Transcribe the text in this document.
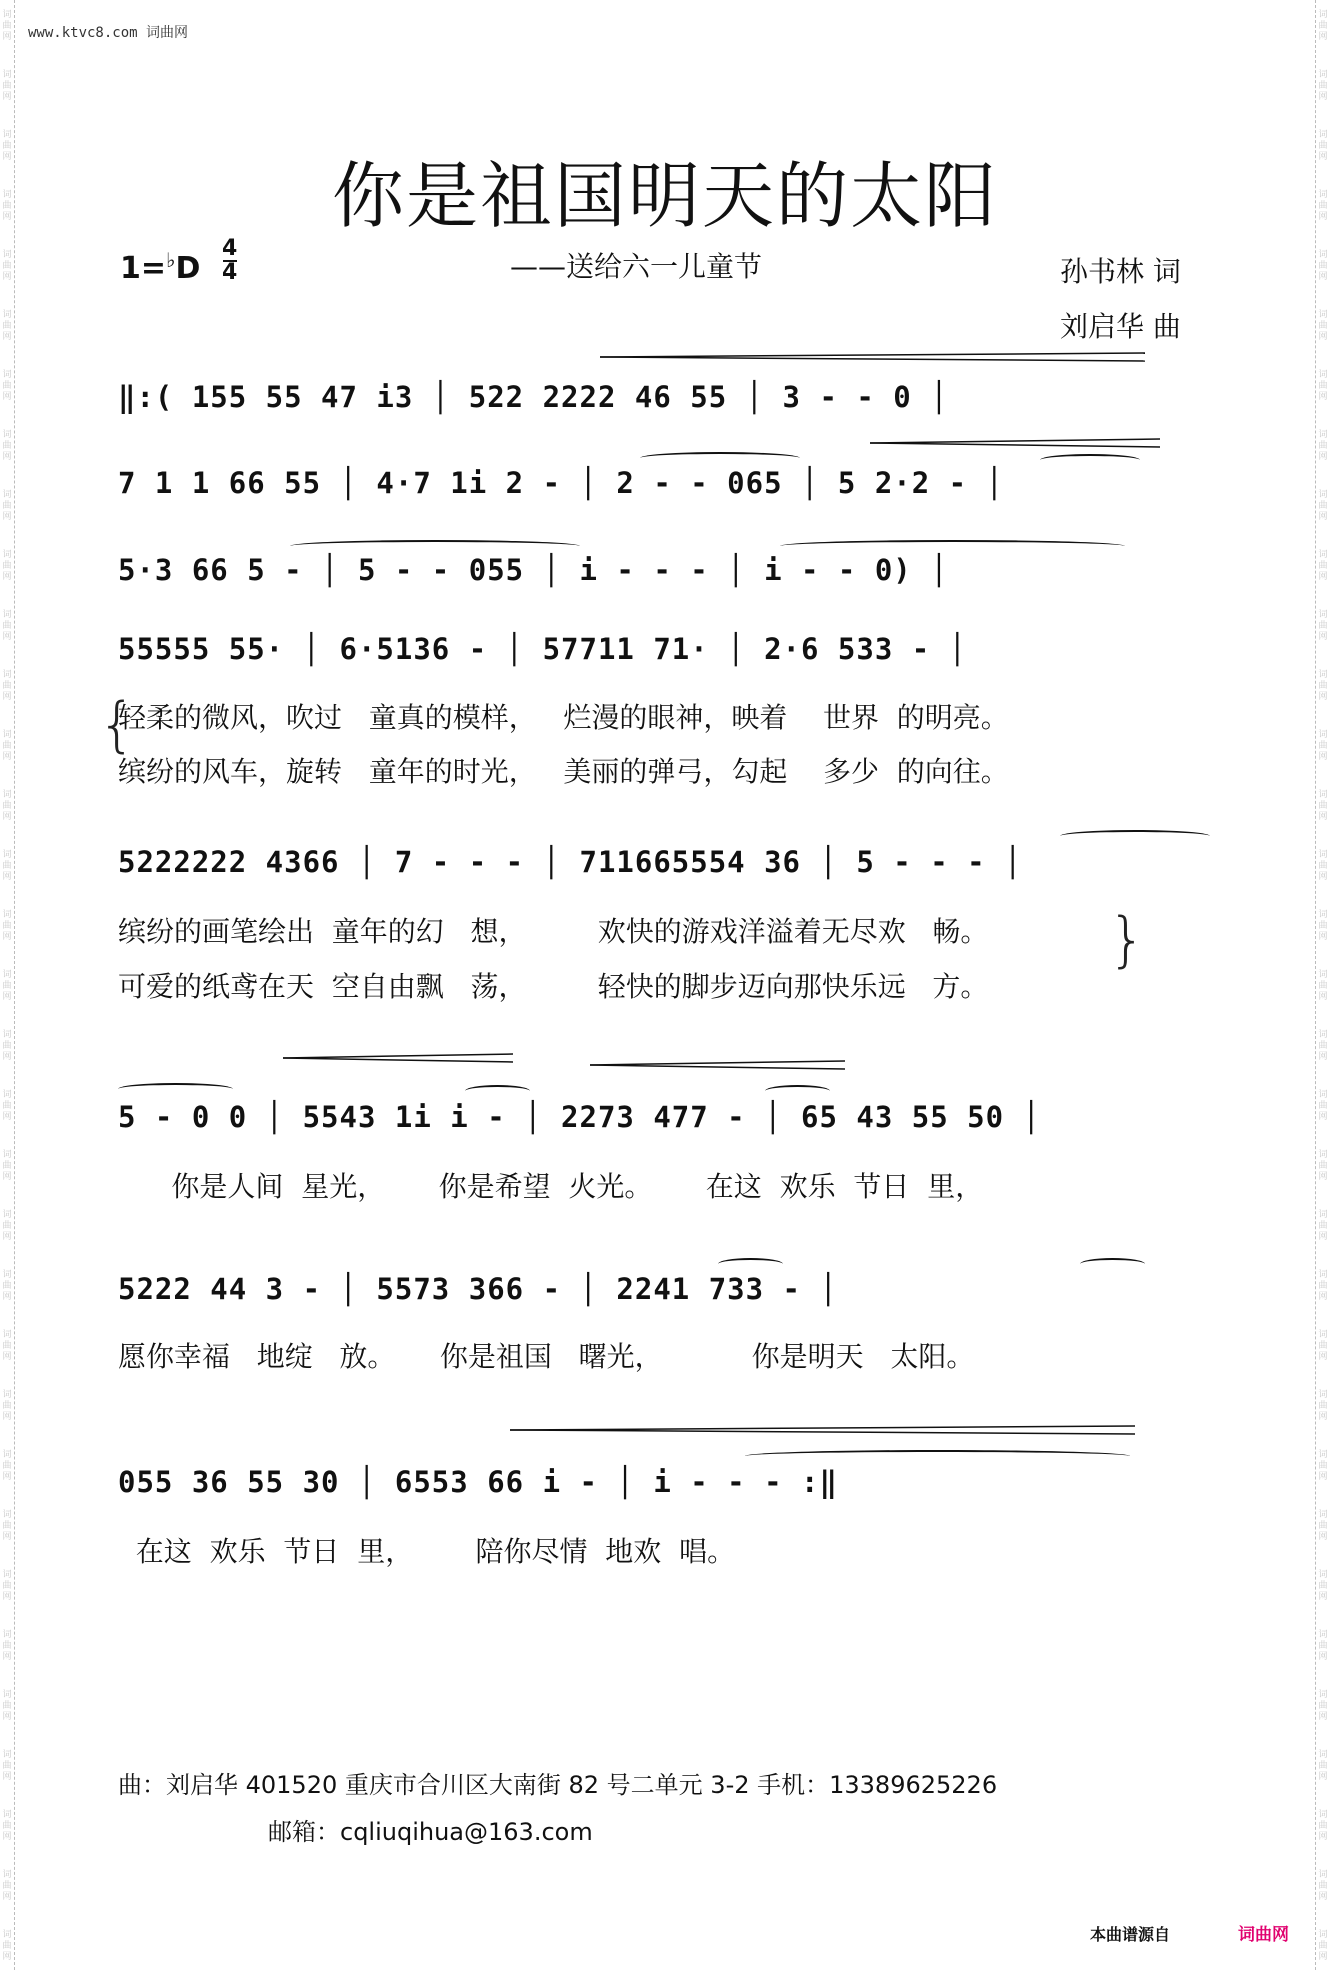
www.ktvc8.com 词曲网
你是祖国明天的太阳
1=♭D
4
4	——送给六一儿童节	孙书林 词
刘启华 曲
‖:( 155 55 47 i3 │ 522 2222 46 55 │ 3 - - 0 │
7 1 1 66 55 │ 4·7 1i 2 - │ 2 - - 065 │ 5 2·2 - │
5·3 66 5 - │ 5 - - 055 │ i - - - │ i - - 0) │
55555 55· │ 6·5136 - │ 57711 71· │ 2·6 533 - │
5222222 4366 │ 7 - - - │ 711665554 36 │ 5 - - - │
5 - 0 0 │ 5543 1i i - │ 2273 477 - │ 65 43 55 50 │
5222 44 3 - │ 5573 366 - │ 2241 733 - │
055 36 55 30 │ 6553 66 i - │ i - - - :‖
{
轻柔的微风，吹过   童真的模样，   烂漫的眼神，映着    世界  的明亮。
缤纷的风车，旋转   童年的时光，   美丽的弹弓，勾起    多少  的向往。
缤纷的画笔绘出  童年的幻   想，        欢快的游戏洋溢着无尽欢   畅。
可爱的纸鸢在天  空自由飘   荡，        轻快的脚步迈向那快乐远   方。
}
你是人间  星光，      你是希望  火光。      在这  欢乐  节日  里，
愿你幸福   地绽   放。     你是祖国   曙光，          你是明天   太阳。
在这  欢乐  节日  里，       陪你尽情  地欢  唱。
曲：刘启华 401520 重庆市合川区大南街 82 号二单元 3-2 手机：13389625226
邮箱：cqliuqihua@163.com
本曲谱源自	词曲网
词曲网
词曲网
词曲网
词曲网
词曲网
词曲网
词曲网
词曲网
词曲网
词曲网
词曲网
词曲网
词曲网
词曲网
词曲网
词曲网
词曲网
词曲网
词曲网
词曲网
词曲网
词曲网
词曲网
词曲网
词曲网
词曲网
词曲网
词曲网
词曲网
词曲网
词曲网
词曲网
词曲网
词曲网
词曲网
词曲网
词曲网
词曲网
词曲网
词曲网
词曲网
词曲网
词曲网
词曲网
词曲网
词曲网
词曲网
词曲网
词曲网
词曲网
词曲网
词曲网
词曲网
词曲网
词曲网
词曲网
词曲网
词曲网
词曲网
词曲网
词曲网
词曲网
词曲网
词曲网
词曲网
词曲网
